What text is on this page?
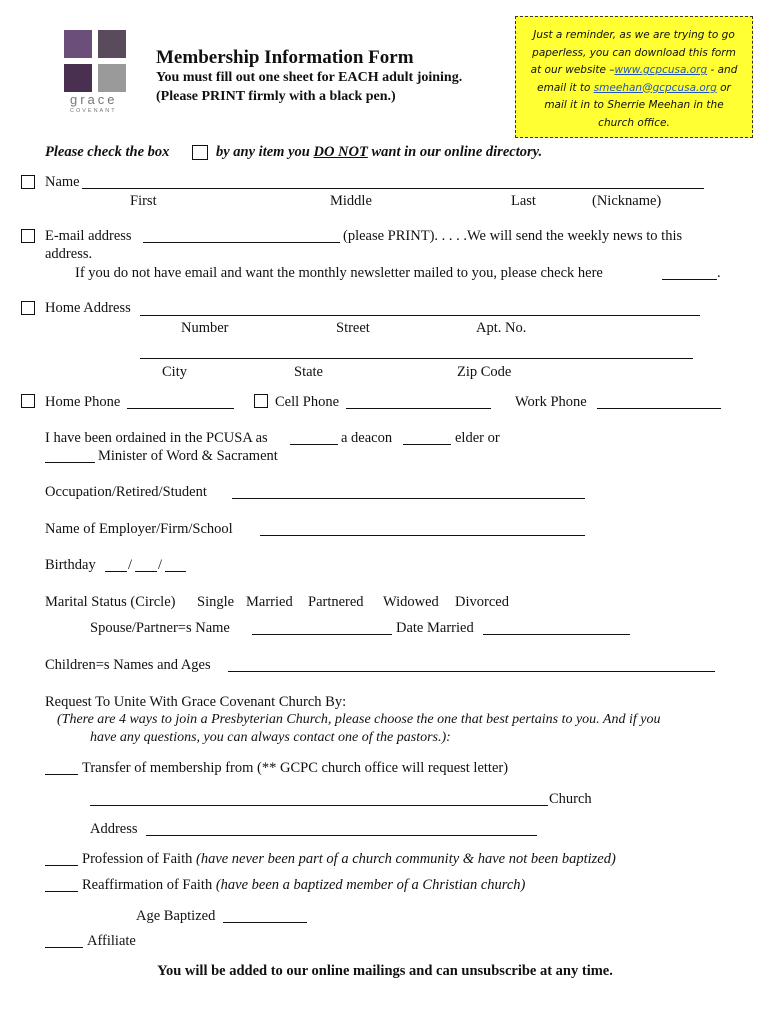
grace
COVENANT
Membership Information Form
You must fill out one sheet for EACH adult joining.
(Please PRINT firmly with a black pen.)
Just a reminder, as we are trying to go
paperless, you can download this form
at our website –www.gcpcusa.org - and
email it to smeehan@gcpcusa.org or
mail it in to Sherrie Meehan in the
church office.
Please check the box	by any item you DO NOT want in our online directory.
Name
First	Middle	Last	(Nickname)
E-mail address	(please PRINT). . . . .We will send the weekly news to this
address.
If you do not have email and want the monthly newsletter mailed to you, please check here	.
Home Address
Number	Street	Apt. No.
City	State	Zip Code
Home Phone	Cell Phone	Work Phone
I have been ordained in the PCUSA as	a deacon	elder or
Minister of Word & Sacrament
Occupation/Retired/Student
Name of Employer/Firm/School
Birthday / /
Marital Status (Circle) Single Married Partnered Widowed Divorced
Spouse/Partner=s Name	Date Married
Children=s Names and Ages
Request To Unite With Grace Covenant Church By:
(There are 4 ways to join a Presbyterian Church, please choose the one that best pertains to you. And if you
have any questions, you can always contact one of the pastors.):
Transfer of membership from (** GCPC church office will request letter)
Church
Address
Profession of Faith (have never been part of a church community & have not been baptized)
Reaffirmation of Faith (have been a baptized member of a Christian church)
Age Baptized
Affiliate
You will be added to our online mailings and can unsubscribe at any time.
